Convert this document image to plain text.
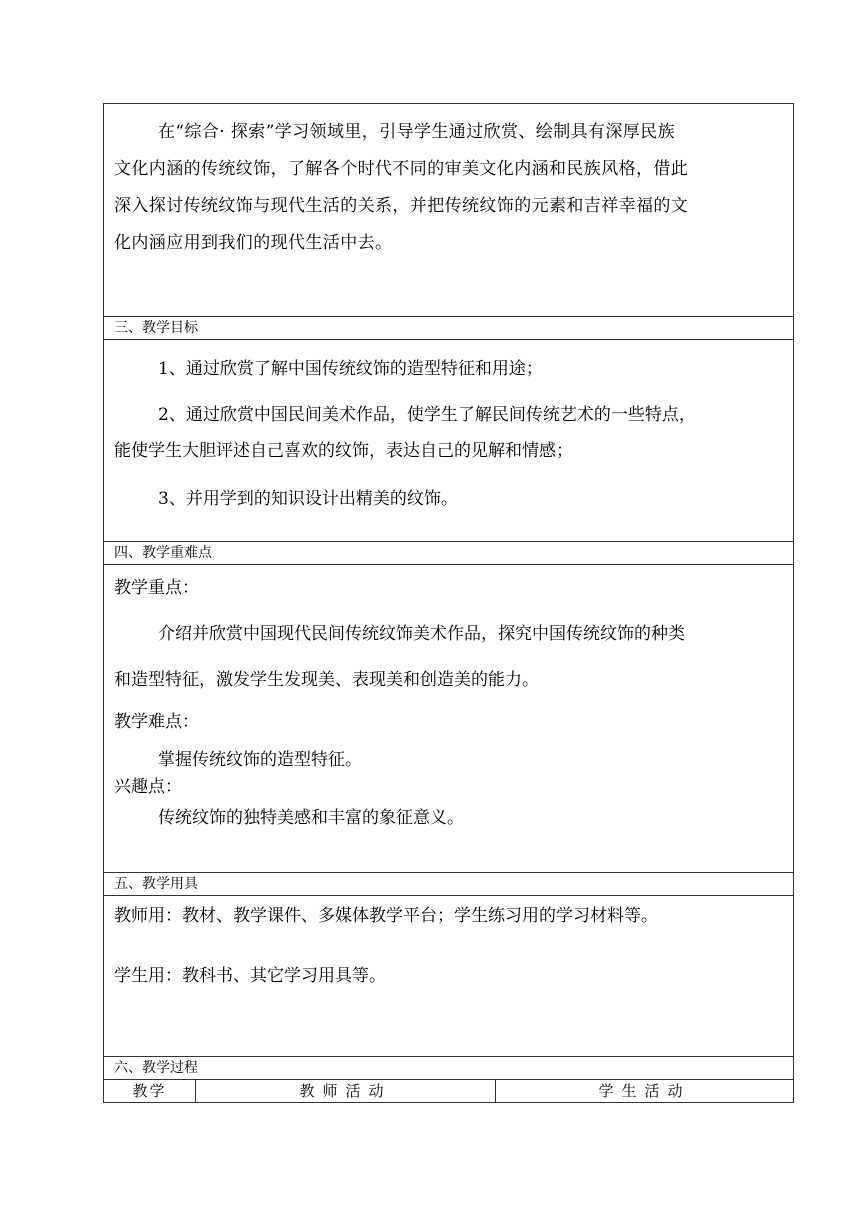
在“综合· 探索”学习领域里，引导学生通过欣赏、绘制具有深厚民族

文化内涵的传统纹饰，了解各个时代不同的审美文化内涵和民族风格，借此

深入探讨传统纹饰与现代生活的关系，并把传统纹饰的元素和吉祥幸福的文

化内涵应用到我们的现代生活中去。

三、教学目标

1、通过欣赏了解中国传统纹饰的造型特征和用途；

2、通过欣赏中国民间美术作品，使学生了解民间传统艺术的一些特点，

能使学生大胆评述自己喜欢的纹饰，表达自己的见解和情感；

3、并用学到的知识设计出精美的纹饰。

四、教学重难点

教学重点：

介绍并欣赏中国现代民间传统纹饰美术作品，探究中国传统纹饰的种类

和造型特征，激发学生发现美、表现美和创造美的能力。

教学难点：

掌握传统纹饰的造型特征。

兴趣点：

传统纹饰的独特美感和丰富的象征意义。

五、教学用具

教师用：教材、教学课件、多媒体教学平台；学生练习用的学习材料等。

学生用：教科书、其它学习用具等。

六、教学过程
教学	教师活动	学生活动
